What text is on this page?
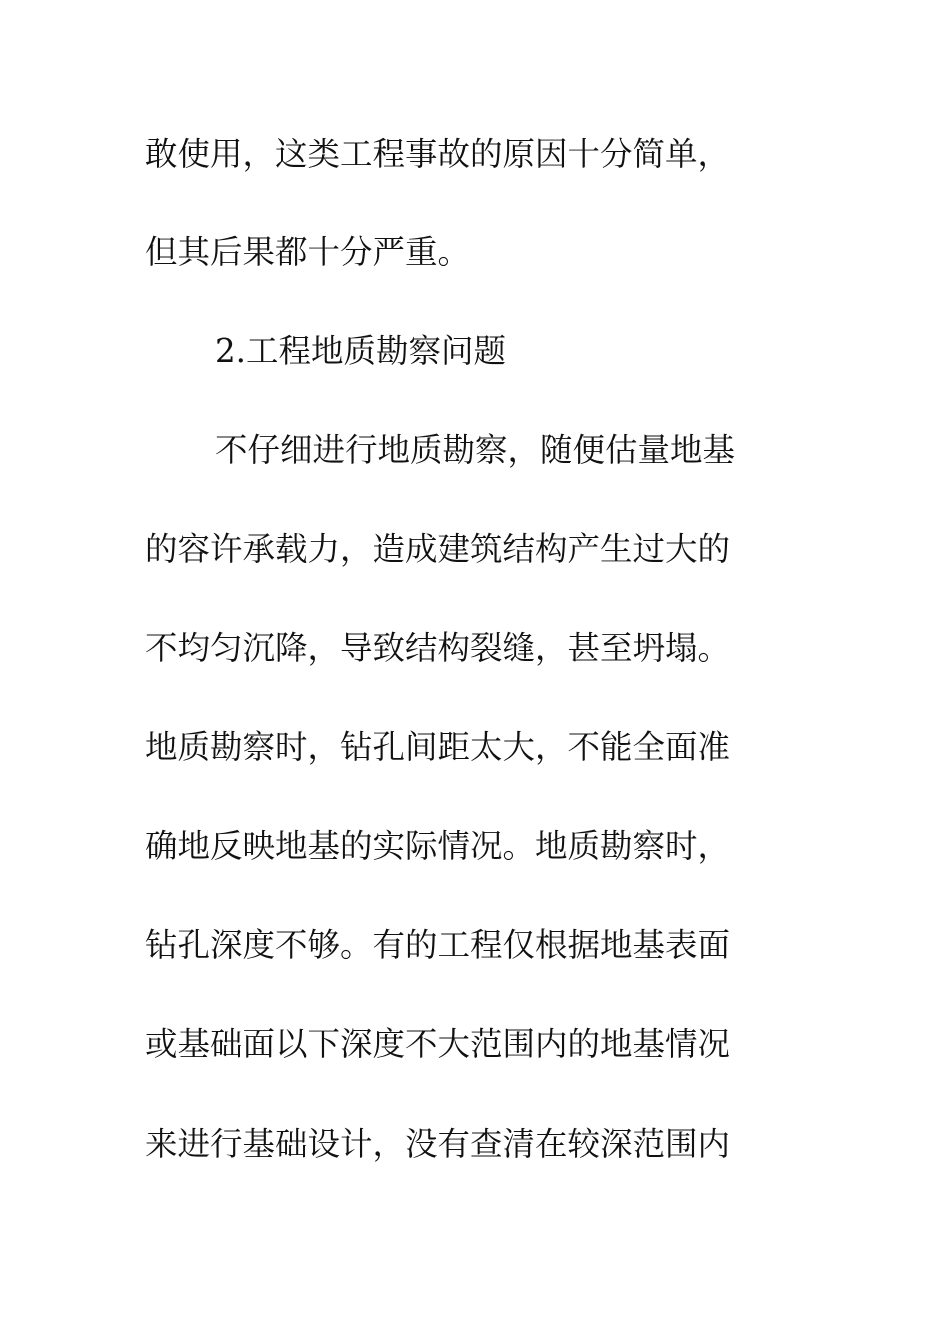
敢使用，这类工程事故的原因十分简单，
但其后果都十分严重。
2.工程地质勘察问题
不仔细进行地质勘察，随便估量地基
的容许承载力，造成建筑结构产生过大的
不均匀沉降，导致结构裂缝，甚至坍塌。
地质勘察时，钻孔间距太大，不能全面准
确地反映地基的实际情况。地质勘察时，
钻孔深度不够。有的工程仅根据地基表面
或基础面以下深度不大范围内的地基情况
来进行基础设计，没有查清在较深范围内
